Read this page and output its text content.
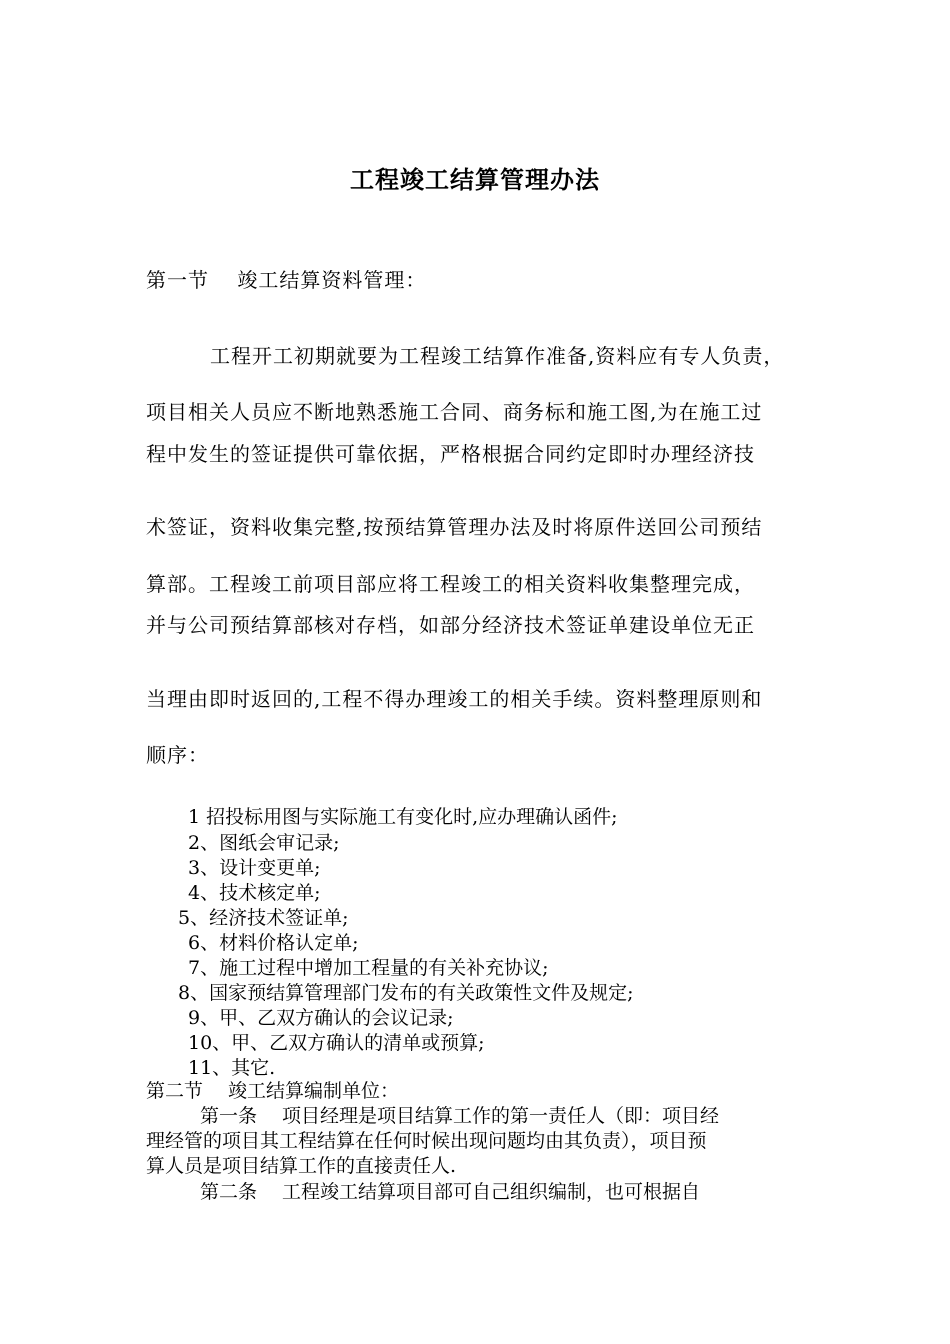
工程竣工结算管理办法

第一节　 竣工结算资料管理：

工程开工初期就要为工程竣工结算作准备,资料应有专人负责，

项目相关人员应不断地熟悉施工合同、商务标和施工图,为在施工过

程中发生的签证提供可靠依据，严格根据合同约定即时办理经济技

术签证，资料收集完整,按预结算管理办法及时将原件送回公司预结

算部。工程竣工前项目部应将工程竣工的相关资料收集整理完成，

并与公司预结算部核对存档，如部分经济技术签证单建设单位无正

当理由即时返回的,工程不得办理竣工的相关手续。资料整理原则和

顺序：

1 招投标用图与实际施工有变化时,应办理确认函件;

2、图纸会审记录;

3、设计变更单;

4、技术核定单;

5、经济技术签证单;

6、材料价格认定单;

7、施工过程中增加工程量的有关补充协议;

8、国家预结算管理部门发布的有关政策性文件及规定;

9、甲、乙双方确认的会议记录;

10、甲、乙双方确认的清单或预算;

11、其它.

第二节　 竣工结算编制单位：

第一条　 项目经理是项目结算工作的第一责任人（即：项目经

理经管的项目其工程结算在任何时候出现问题均由其负责），项目预

算人员是项目结算工作的直接责任人.

第二条　 工程竣工结算项目部可自己组织编制，也可根据自
